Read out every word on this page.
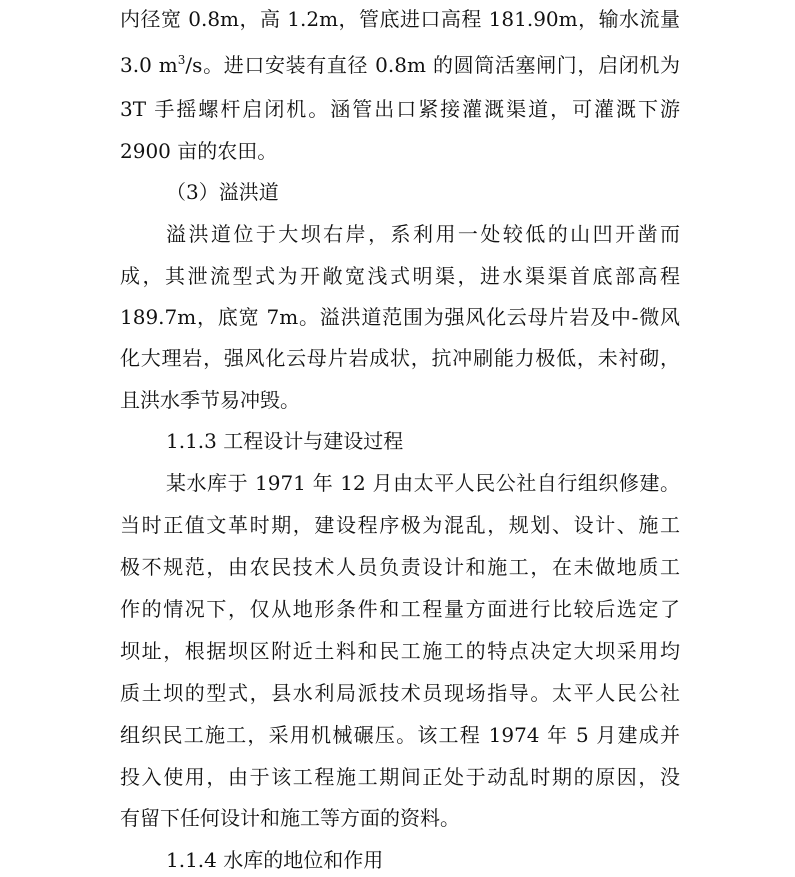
内径宽 0.8m，高 1.2m，管底进口高程 181.90m，输水流量
3.0 $m^3/s$。进口安装有直径 0.8m 的圆筒活塞闸门，启闭机为
3T 手摇螺杆启闭机。涵管出口紧接灌溉渠道，可灌溉下游
2900 亩的农田。
（3）溢洪道
溢洪道位于大坝右岸，系利用一处较低的山凹开凿而
成，其泄流型式为开敞宽浅式明渠，进水渠渠首底部高程
189.7m，底宽 7m。溢洪道范围为强风化云母片岩及中-微风
化大理岩，强风化云母片岩成状，抗冲刷能力极低，未衬砌，
且洪水季节易冲毁。
1.1.3 工程设计与建设过程
某水库于 1971 年 12 月由太平人民公社自行组织修建。
当时正值文革时期，建设程序极为混乱，规划、设计、施工
极不规范，由农民技术人员负责设计和施工，在未做地质工
作的情况下，仅从地形条件和工程量方面进行比较后选定了
坝址，根据坝区附近土料和民工施工的特点决定大坝采用均
质土坝的型式，县水利局派技术员现场指导。太平人民公社
组织民工施工，采用机械碾压。该工程 1974 年 5 月建成并
投入使用，由于该工程施工期间正处于动乱时期的原因，没
有留下任何设计和施工等方面的资料。
1.1.4 水库的地位和作用
